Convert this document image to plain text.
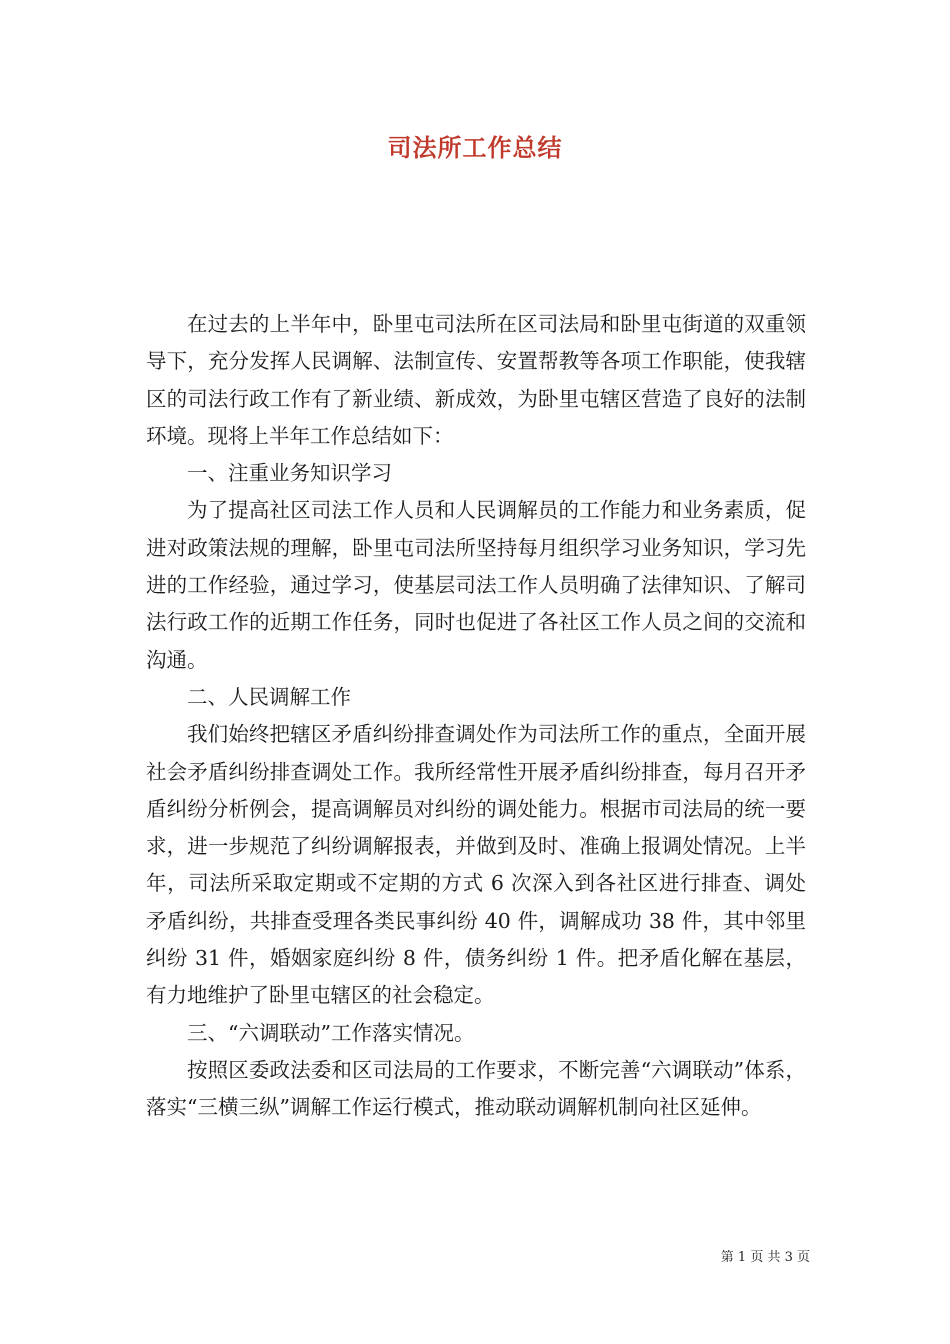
司法所工作总结

在过去的上半年中，卧里屯司法所在区司法局和卧里屯街道的双重领导下，充分发挥人民调解、法制宣传、安置帮教等各项工作职能，使我辖区的司法行政工作有了新业绩、新成效，为卧里屯辖区营造了良好的法制环境。现将上半年工作总结如下：

一、注重业务知识学习

为了提高社区司法工作人员和人民调解员的工作能力和业务素质，促进对政策法规的理解，卧里屯司法所坚持每月组织学习业务知识，学习先进的工作经验，通过学习，使基层司法工作人员明确了法律知识、了解司法行政工作的近期工作任务，同时也促进了各社区工作人员之间的交流和沟通。

二、人民调解工作

我们始终把辖区矛盾纠纷排查调处作为司法所工作的重点，全面开展社会矛盾纠纷排查调处工作。我所经常性开展矛盾纠纷排查，每月召开矛盾纠纷分析例会，提高调解员对纠纷的调处能力。根据市司法局的统一要求，进一步规范了纠纷调解报表，并做到及时、准确上报调处情况。上半年，司法所采取定期或不定期的方式 6 次深入到各社区进行排查、调处矛盾纠纷，共排查受理各类民事纠纷 40 件，调解成功 38 件，其中邻里纠纷 31 件，婚姻家庭纠纷 8 件，债务纠纷 1 件。把矛盾化解在基层，有力地维护了卧里屯辖区的社会稳定。

三、“六调联动”工作落实情况。

按照区委政法委和区司法局的工作要求，不断完善“六调联动”体系，落实“三横三纵”调解工作运行模式，推动联动调解机制向社区延伸。

第 1 页 共 3 页
